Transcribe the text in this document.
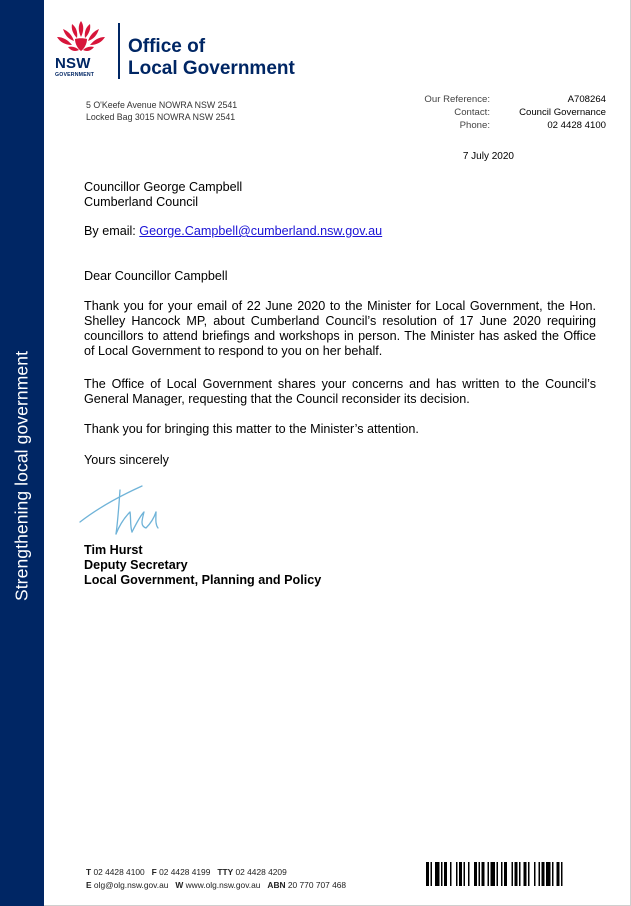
Strengthening local government
NSW
GOVERNMENT
Office of
Local Government
5 O'Keefe Avenue NOWRA NSW 2541
Locked Bag 3015 NOWRA NSW 2541
Our Reference:
Contact:
Phone:
A708264
Council Governance
02 4428 4100
7 July 2020
Councillor George Campbell
Cumberland Council
By email: George.Campbell@cumberland.nsw.gov.au
Dear Councillor Campbell
Thank you for your email of 22 June 2020 to the Minister for Local Government, the Hon. Shelley Hancock MP, about Cumberland Council’s resolution of 17 June 2020 requiring councillors to attend briefings and workshops in person. The Minister has asked the Office of Local Government to respond to you on her behalf.
The Office of Local Government shares your concerns and has written to the Council’s General Manager, requesting that the Council reconsider its decision.
Thank you for bringing this matter to the Minister’s attention.
Yours sincerely
Tim Hurst
Deputy Secretary
Local Government, Planning and Policy
T 02 4428 4100 F 02 4428 4199 TTY 02 4428 4209
E olg@olg.nsw.gov.au W www.olg.nsw.gov.au ABN 20 770 707 468
